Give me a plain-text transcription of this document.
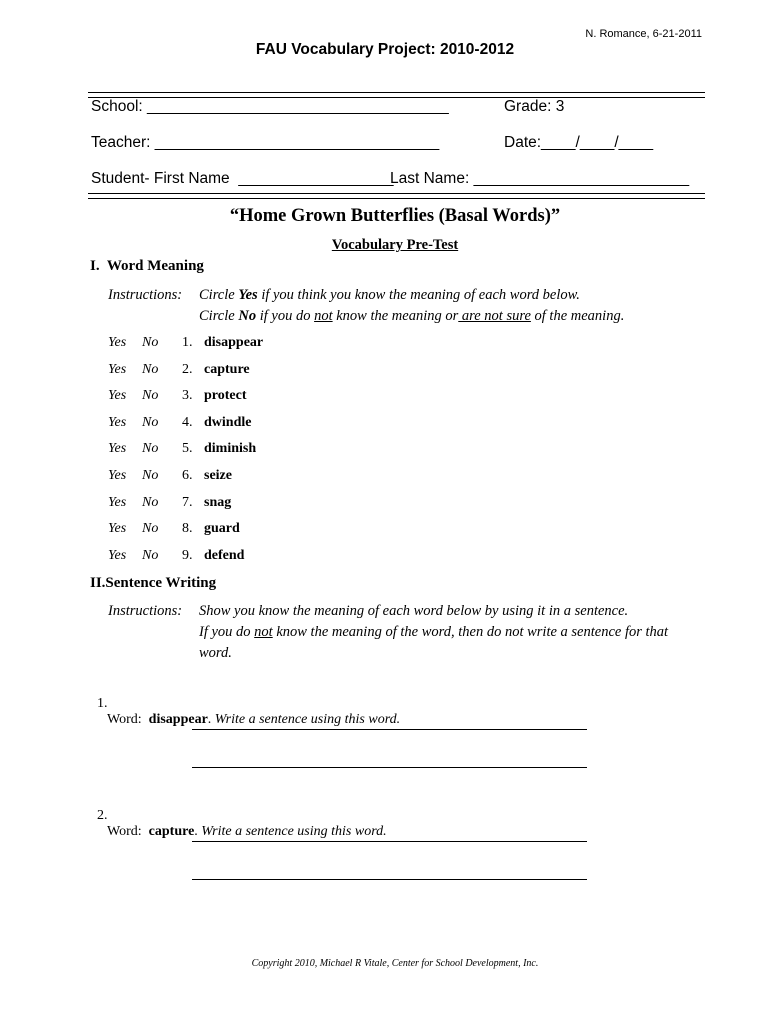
N. Romance, 6-21-2011
FAU Vocabulary Project: 2010-2012
School: ___________________________________	Grade: 3
Teacher: _________________________________	Date:____/____/____
Student- First Name __________________
Last Name: _________________________
“Home Grown Butterflies (Basal Words)”
Vocabulary Pre-Test
I.  Word Meaning
Instructions: Circle Yes if you think you know the meaning of each word below.
Circle No if you do not know the meaning or are not sure of the meaning.
Yes No 1. disappear
Yes No 2. capture
Yes No 3. protect
Yes No 4. dwindle
Yes No 5. diminish
Yes No 6. seize
Yes No 7. snag
Yes No 8. guard
Yes No 9. defend
II.Sentence Writing
Instructions: Show you know the meaning of each word below by using it in a sentence.
If you do not know the meaning of the word, then do not write a sentence for that
word.

1.
Word:  disappear. Write a sentence using this word.

2.
Word:  capture. Write a sentence using this word.

Copyright 2010, Michael R Vitale, Center for School Development, Inc.
